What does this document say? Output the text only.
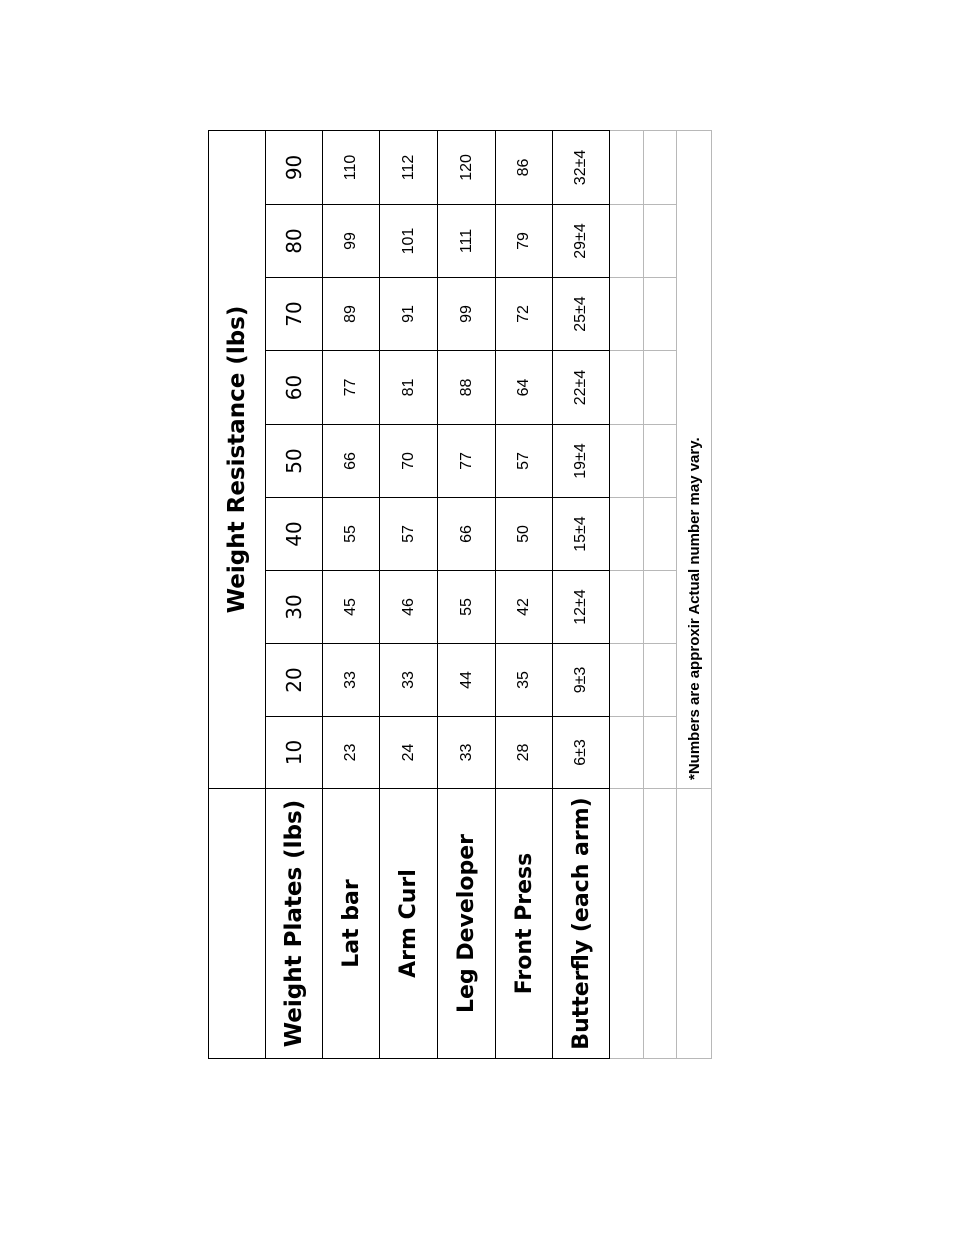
	Weight Resistance (lbs)								
Weight Plates (lbs)	10	20	30	40	50	60	70	80	90
Lat bar	23	33	45	55	66	77	89	99	110
Arm Curl	24	33	46	57	70	81	91	101	112
Leg Developer	33	44	55	66	77	88	99	111	120
Front Press	28	35	42	50	57	64	72	79	86
Butterfly (each arm)	6±3	9±3	12±4	15±4	19±4	22±4	25±4	29±4	32±4

	*Numbers are approxir Actual number may vary.								
